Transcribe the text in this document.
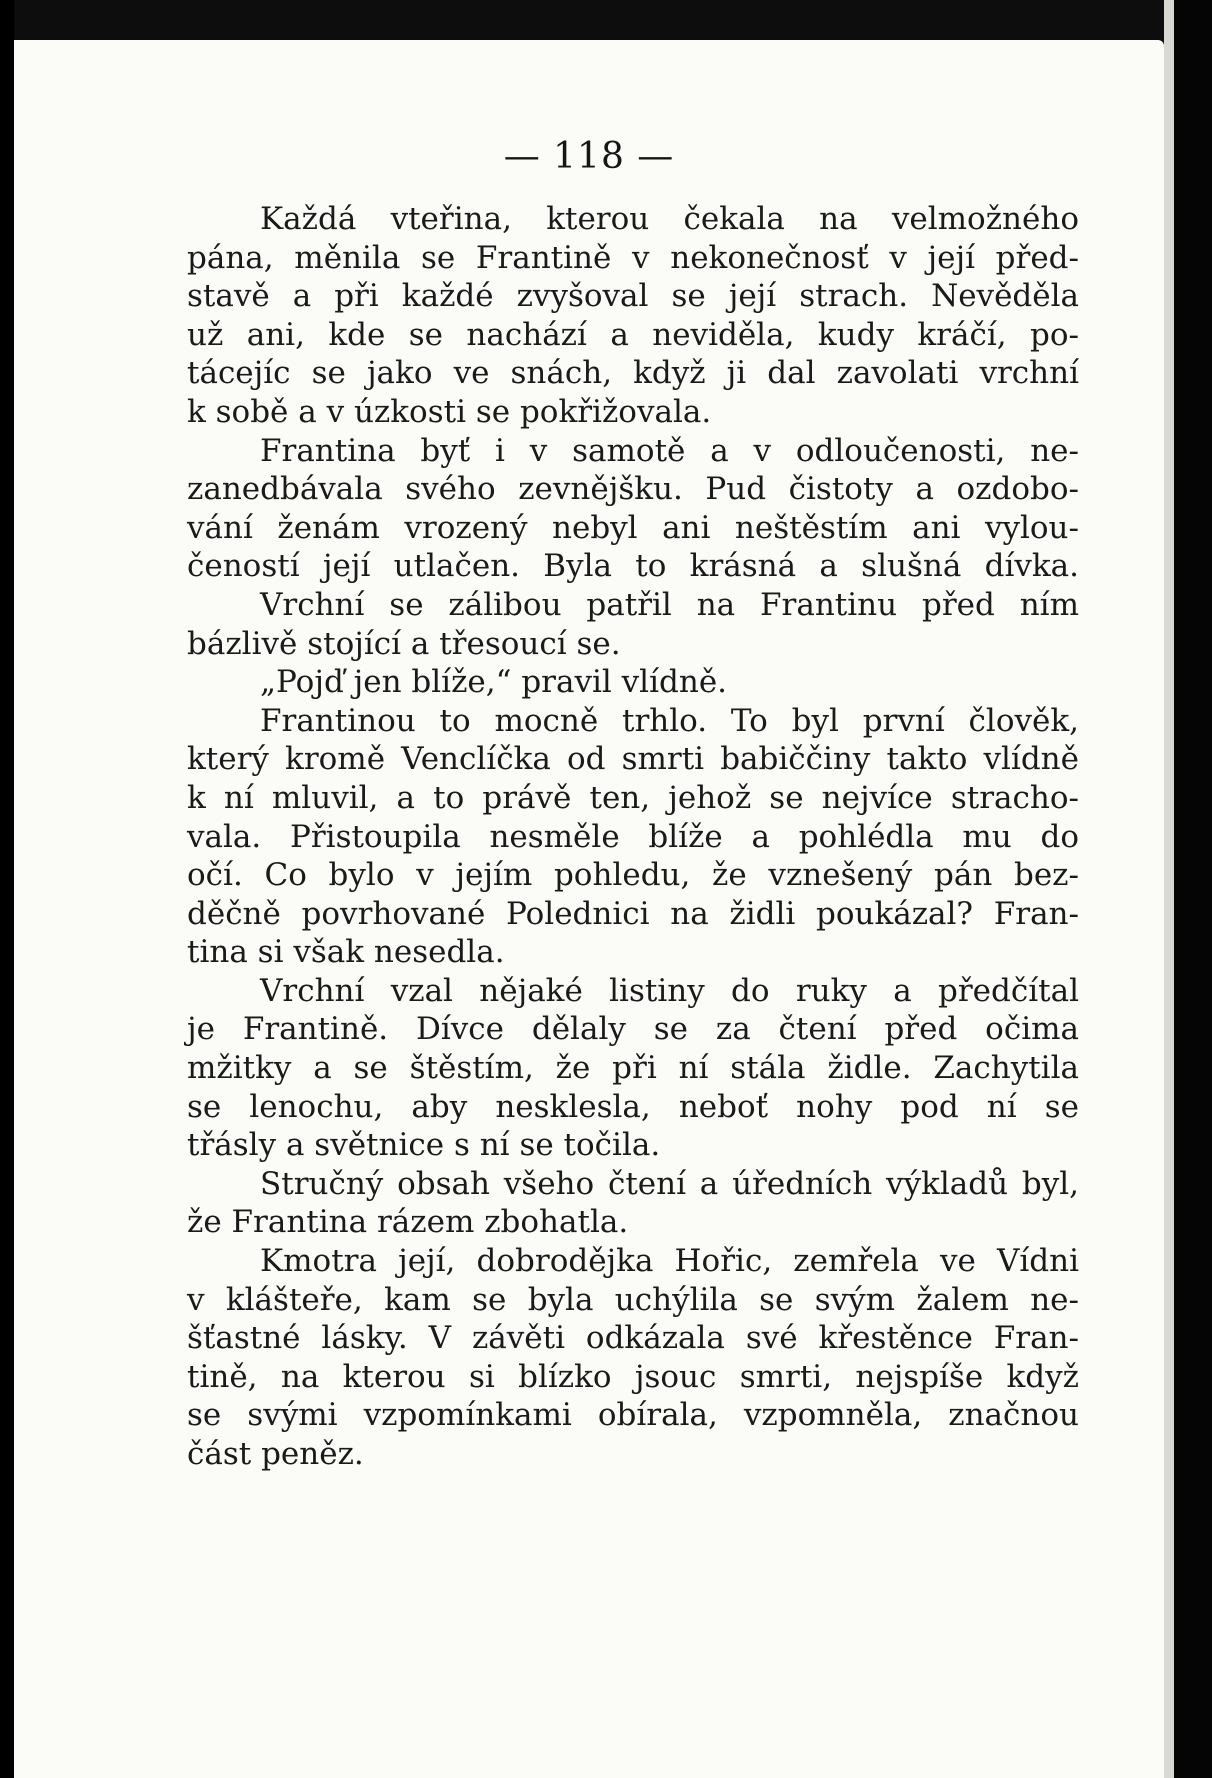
— 118 —
Každá vteřina, kterou čekala na velmožného
pána, měnila se Frantině v nekonečnosť v její před-
stavě a při každé zvyšoval se její strach. Nevěděla
už ani, kde se nachází a neviděla, kudy kráčí, po-
tácejíc se jako ve snách, když ji dal zavolati vrchní
k sobě a v úzkosti se pokřižovala.
Frantina byť i v samotě a v odloučenosti, ne-
zanedbávala svého zevnějšku. Pud čistoty a ozdobo-
vání ženám vrozený nebyl ani neštěstím ani vylou-
čeností její utlačen. Byla to krásná a slušná dívka.
Vrchní se zálibou patřil na Frantinu před ním
bázlivě stojící a třesoucí se.
„Pojď jen blíže,“ pravil vlídně.
Frantinou to mocně trhlo. To byl první člověk,
který kromě Venclíčka od smrti babiččiny takto vlídně
k ní mluvil, a to právě ten, jehož se nejvíce stracho-
vala. Přistoupila nesměle blíže a pohlédla mu do
očí. Co bylo v jejím pohledu, že vznešený pán bez-
děčně povrhované Polednici na židli poukázal? Fran-
tina si však nesedla.
Vrchní vzal nějaké listiny do ruky a předčítal
je Frantině. Dívce dělaly se za čtení před očima
mžitky a se štěstím, že při ní stála židle. Zachytila
se lenochu, aby nesklesla, neboť nohy pod ní se
třásly a světnice s ní se točila.
Stručný obsah všeho čtení a úředních výkladů byl,
že Frantina rázem zbohatla.
Kmotra její, dobrodějka Hořic, zemřela ve Vídni
v klášteře, kam se byla uchýlila se svým žalem ne-
šťastné lásky. V závěti odkázala své křestěnce Fran-
tině, na kterou si blízko jsouc smrti, nejspíše když
se svými vzpomínkami obírala, vzpomněla, značnou
část peněz.
